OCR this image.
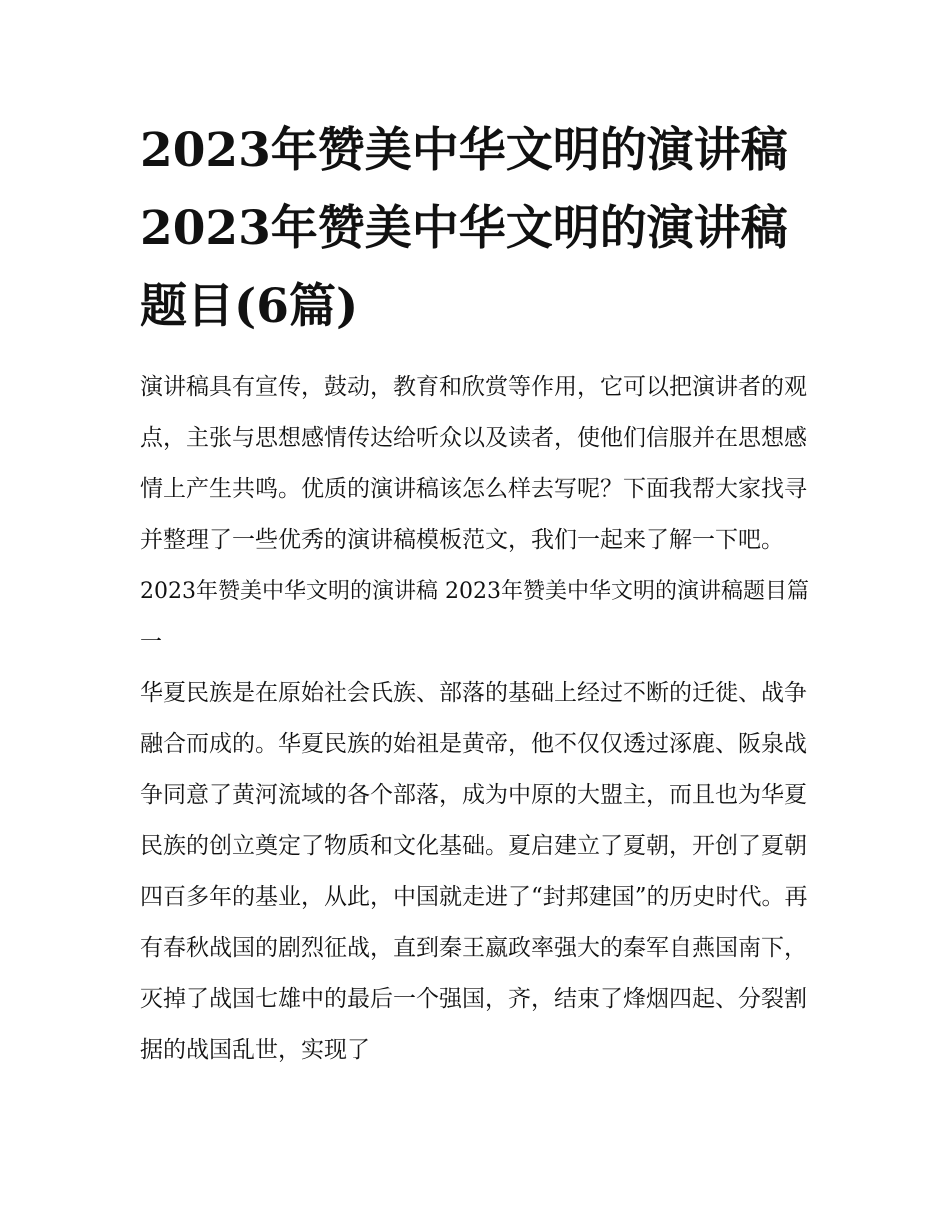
2023年赞美中华文明的演讲稿
2023年赞美中华文明的演讲稿
题目(6篇)

演讲稿具有宣传，鼓动，教育和欣赏等作用，它可以把演讲者的观点，主张与思想感情传达给听众以及读者，使他们信服并在思想感情上产生共鸣。优质的演讲稿该怎么样去写呢？下面我帮大家找寻并整理了一些优秀的演讲稿模板范文，我们一起来了解一下吧。

2023年赞美中华文明的演讲稿 2023年赞美中华文明的演讲稿题目篇一

华夏民族是在原始社会氏族、部落的基础上经过不断的迁徙、战争融合而成的。华夏民族的始祖是黄帝，他不仅仅透过涿鹿、阪泉战争同意了黄河流域的各个部落，成为中原的大盟主，而且也为华夏民族的创立奠定了物质和文化基础。夏启建立了夏朝，开创了夏朝四百多年的基业，从此，中国就走进了“封邦建国”的历史时代。再有春秋战国的剧烈征战，直到秦王嬴政率强大的秦军自燕国南下，灭掉了战国七雄中的最后一个强国，齐，结束了烽烟四起、分裂割据的战国乱世，实现了
